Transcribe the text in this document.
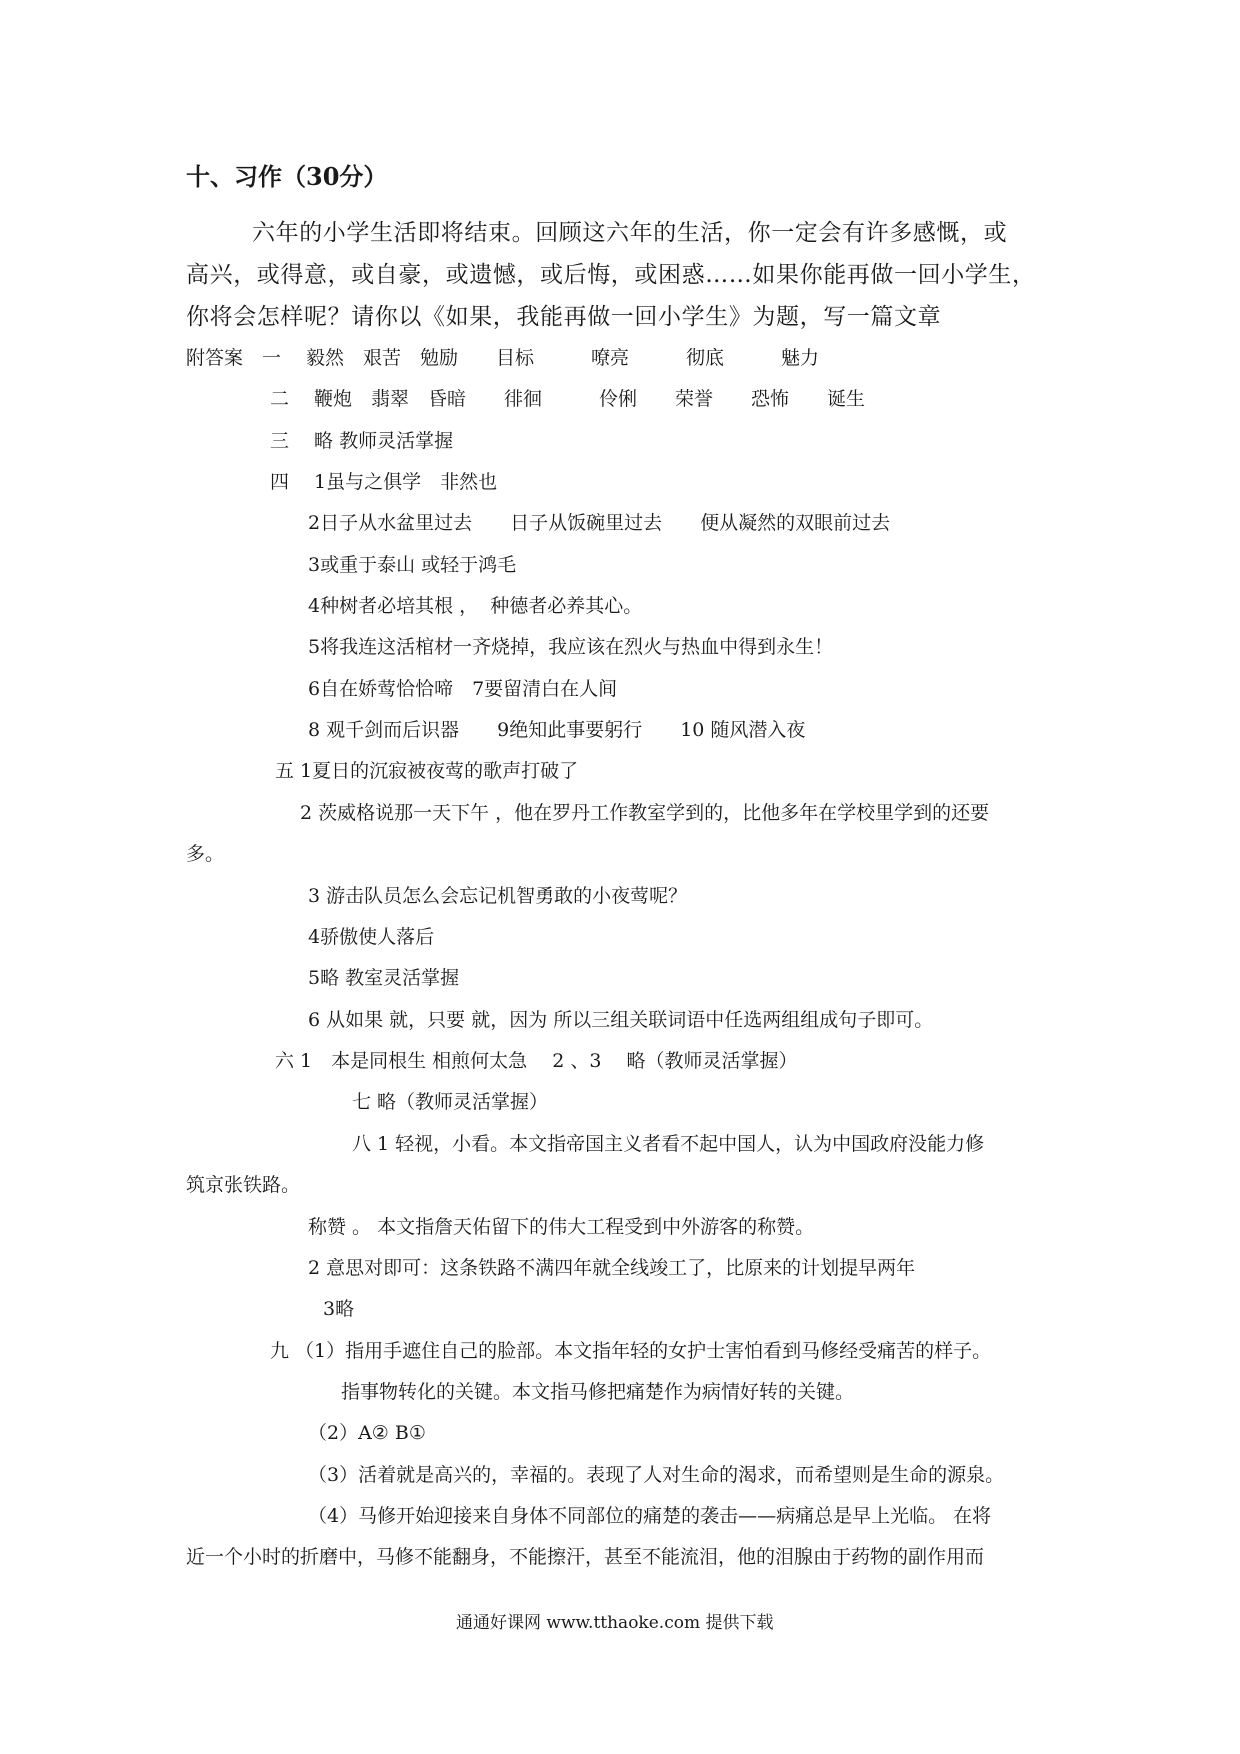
十、习作（30分）
六年的小学生活即将结束。回顾这六年的生活，你一定会有许多感慨，或
高兴，或得意，或自豪，或遗憾，或后悔，或困惑……如果你能再做一回小学生，
你将会怎样呢？请你以《如果，我能再做一回小学生》为题，写一篇文章
附答案　一　 毅然　艰苦　勉励　　目标　　　嘹亮　　　彻底　　　魅力
二　 鞭炮　翡翠　昏暗　　徘徊　　　伶俐　　荣誉　　恐怖　　诞生
三　 略 教师灵活掌握
四　 1虽与之俱学　非然也
2日子从水盆里过去　　日子从饭碗里过去　　便从凝然的双眼前过去
3或重于泰山 或轻于鸿毛
4种树者必培其根 ，  种德者必养其心。
5将我连这活棺材一齐烧掉，我应该在烈火与热血中得到永生！
6自在娇莺恰恰啼　7要留清白在人间
8 观千剑而后识器　　9绝知此事要躬行　　10 随风潜入夜
五 1夏日的沉寂被夜莺的歌声打破了
2 茨威格说那一天下午 ，他在罗丹工作教室学到的，比他多年在学校里学到的还要
多。
3 游击队员怎么会忘记机智勇敢的小夜莺呢？
4骄傲使人落后
5略 教室灵活掌握
6 从如果 就，只要 就，因为 所以三组关联词语中任选两组组成句子即可。
六 1　本是同根生 相煎何太急　 2 、3　 略（教师灵活掌握）
七 略（教师灵活掌握）
八 1 轻视，小看。本文指帝国主义者看不起中国人，认为中国政府没能力修
筑京张铁路。
称赞 。 本文指詹天佑留下的伟大工程受到中外游客的称赞。
2 意思对即可：这条铁路不满四年就全线竣工了，比原来的计划提早两年
3略
九 （1）指用手遮住自己的脸部。本文指年轻的女护士害怕看到马修经受痛苦的样子。
指事物转化的关键。本文指马修把痛楚作为病情好转的关键。
（2）A② B①
（3）活着就是高兴的，幸福的。表现了人对生命的渴求，而希望则是生命的源泉。
（4）马修开始迎接来自身体不同部位的痛楚的袭击——病痛总是早上光临。 在将
近一个小时的折磨中，马修不能翻身，不能擦汗，甚至不能流泪，他的泪腺由于药物的副作用而
通通好课网 www.tthaoke.com 提供下载
